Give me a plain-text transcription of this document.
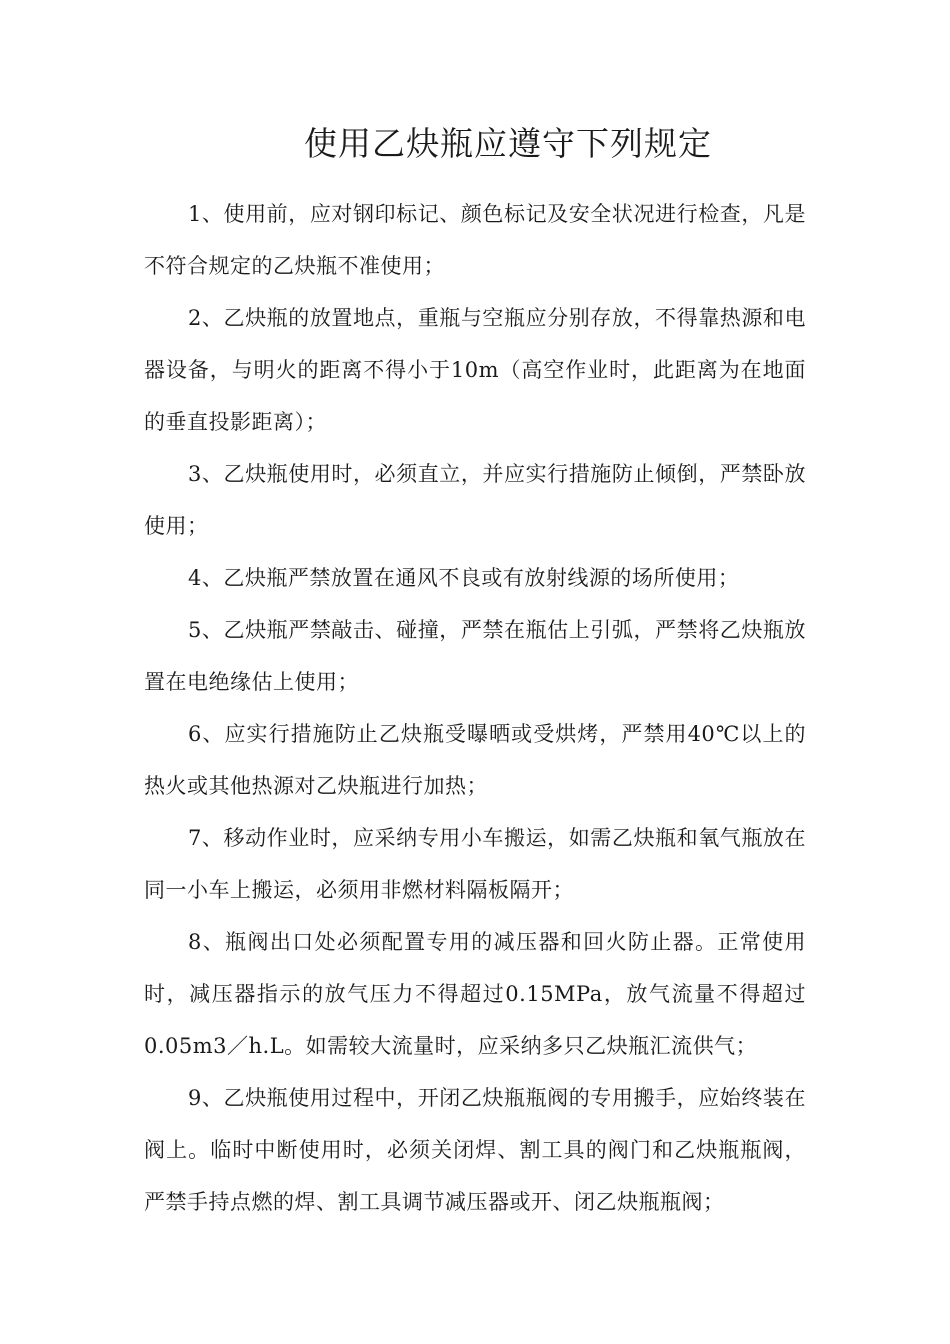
使用乙炔瓶应遵守下列规定

1、使用前，应对钢印标记、颜色标记及安全状况进行检查，凡是不符合规定的乙炔瓶不准使用；

2、乙炔瓶的放置地点，重瓶与空瓶应分别存放，不得靠热源和电器设备，与明火的距离不得小于10m（高空作业时，此距离为在地面的垂直投影距离）；

3、乙炔瓶使用时，必须直立，并应实行措施防止倾倒，严禁卧放使用；

4、乙炔瓶严禁放置在通风不良或有放射线源的场所使用；

5、乙炔瓶严禁敲击、碰撞，严禁在瓶估上引弧，严禁将乙炔瓶放置在电绝缘估上使用；

6、应实行措施防止乙炔瓶受曝晒或受烘烤，严禁用40℃以上的热火或其他热源对乙炔瓶进行加热；

7、移动作业时，应采纳专用小车搬运，如需乙炔瓶和氧气瓶放在同一小车上搬运，必须用非燃材料隔板隔开；

8、瓶阀出口处必须配置专用的减压器和回火防止器。正常使用时，减压器指示的放气压力不得超过0.15MPa，放气流量不得超过0.05m3／h.L。如需较大流量时，应采纳多只乙炔瓶汇流供气；

9、乙炔瓶使用过程中，开闭乙炔瓶瓶阀的专用搬手，应始终装在阀上。临时中断使用时，必须关闭焊、割工具的阀门和乙炔瓶瓶阀，严禁手持点燃的焊、割工具调节减压器或开、闭乙炔瓶瓶阀；
